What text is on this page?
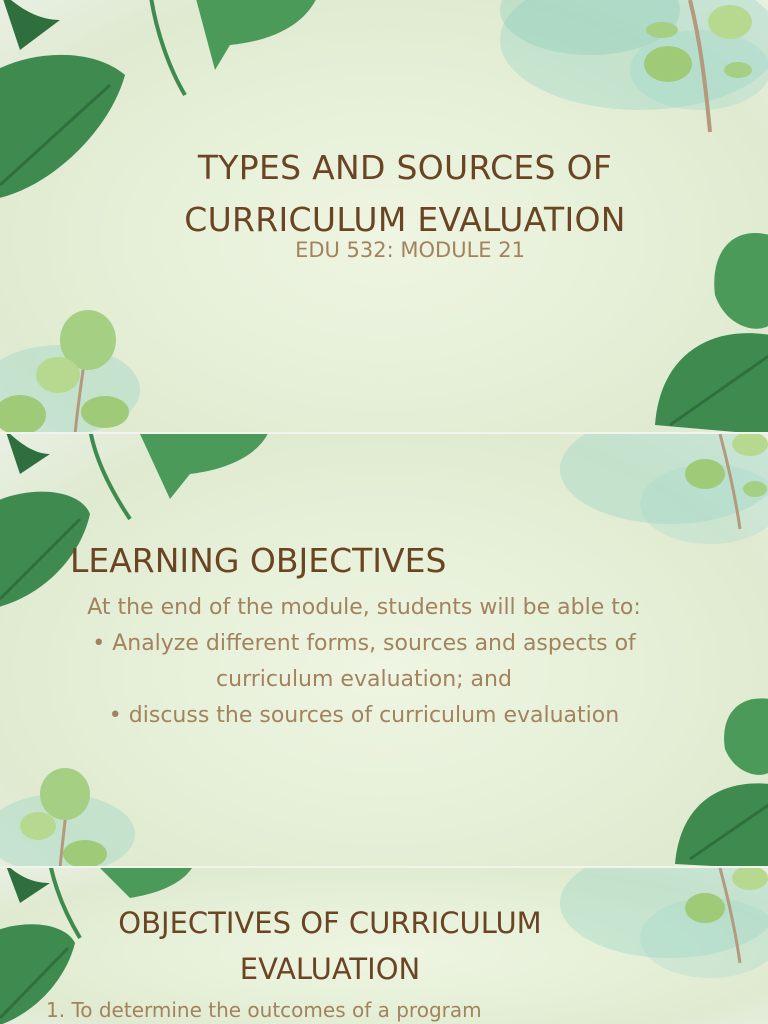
TYPES AND SOURCES OF
CURRICULUM EVALUATION
EDU 532: MODULE 21
LEARNING OBJECTIVES
At the end of the module, students will be able to:
• Analyze different forms, sources and aspects of curriculum evaluation; and
• discuss the sources of curriculum evaluation
OBJECTIVES OF CURRICULUM
EVALUATION
1. To determine the outcomes of a program
